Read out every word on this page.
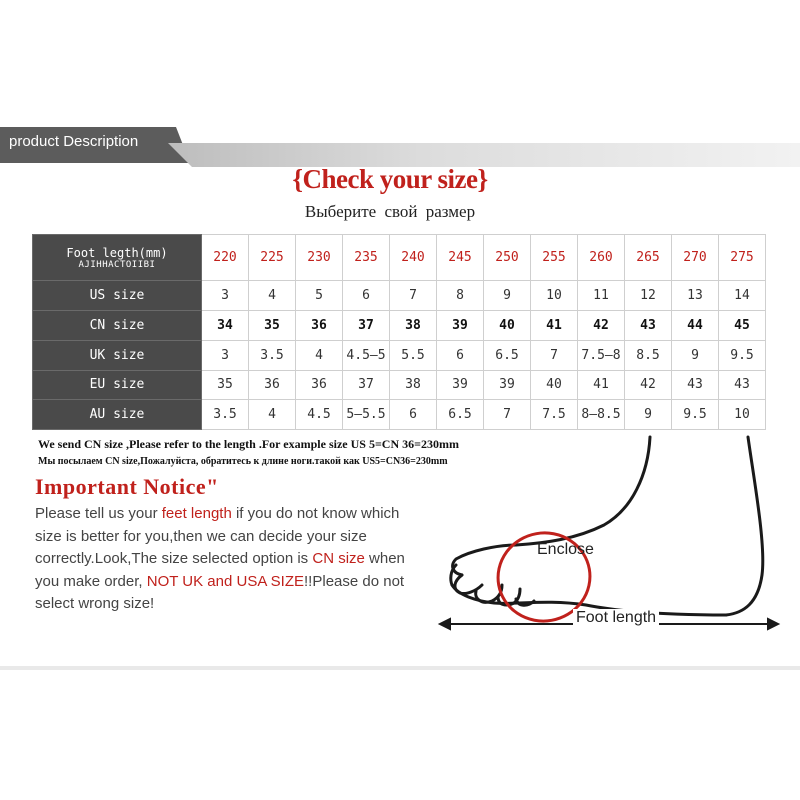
product Description
{Check your size}
Выберите свой размер
Foot legth(mm)
AJIHHACTOIIBI	220	225	230	235	240	245	250	255	260	265	270	275
US size	3	4	5	6	7	8	9	10	11	12	13	14
CN size	34	35	36	37	38	39	40	41	42	43	44	45
UK size	3	3.5	4	4.5–5	5.5	6	6.5	7	7.5–8	8.5	9	9.5
EU size	35	36	36	37	38	39	39	40	41	42	43	43
AU size	3.5	4	4.5	5–5.5	6	6.5	7	7.5	8–8.5	9	9.5	10
We send CN size ,Please refer to the length .For example size US 5=CN 36=230mm
Мы посылаем CN size,Пожалуйста, обратитесь к длине ноги.такой как US5=CN36=230mm
Important Notice"
Please tell us your feet length if you do not know which size is better for you,then we can decide your size correctly.Look,The size selected option is CN size when you make order, NOT UK and USA SIZE!!Please do not select wrong size!
Enclose
Foot length
